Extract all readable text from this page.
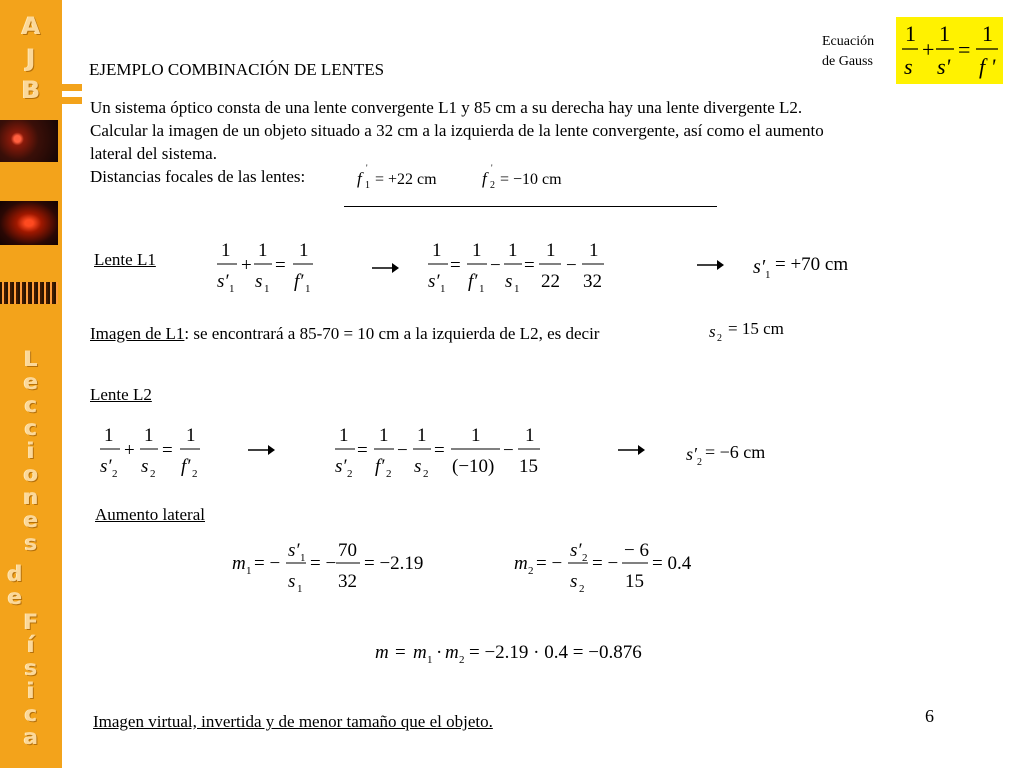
A
J
B
L
e
c
c
i
o
n
e
s
d
e
F
í
s
i
c
a
Ecuación
de Gauss
1
s
+
1
s'
=
1
f '
EJEMPLO COMBINACIÓN DE LENTES
Un sistema óptico consta de una lente convergente L1 y 85 cm a su derecha hay una lente divergente L2.
Calcular la imagen de un objeto situado a 32 cm a la izquierda de la lente convergente, así como el aumento
lateral del sistema.
Distancias focales de las lentes:	f 1
'
= +22 cm	f 2
'
= −10 cm
Lente L1	1
s′ 1
+
1
s 1
=
1
f′ 1
1
s′ 1
=
1
f′ 1
−
1
s 1
=
1
22
−
1
32
s′ 1 = +70 cm
Imagen de L1: se encontrará a 85-70 = 10 cm a la izquierda de L2, es decir	s 2
= 15 cm
Lente L2
1
s′ 2
+
1
s 2
=
1
f′ 2
1
s′ 2
=
1
f′ 2
−
1
s 2
=
1
(−10)
−
1
15
s′ 2
= −6 cm
Aumento lateral
m 1 = −
s′ 1
s 1
= −
70
32
= −2.19	m 2 = −
s′ 2
s 2
= −
− 6
15
= 0.4
m = m 1 · m 2 = −2.19 · 0.4 = −0.876
Imagen virtual, invertida y de menor tamaño que el objeto.	6
